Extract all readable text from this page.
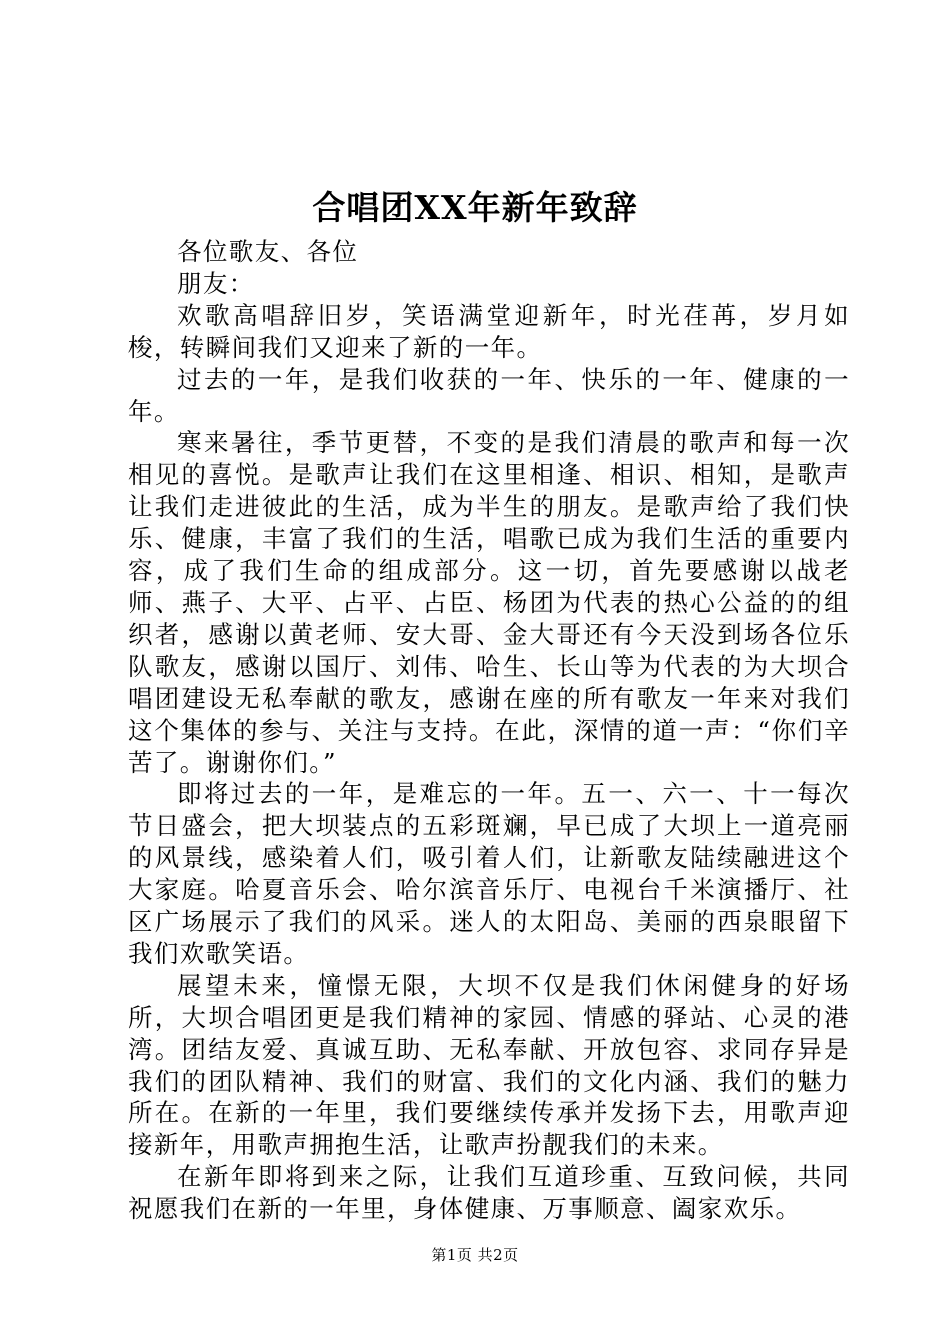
合唱团XX年新年致辞

各位歌友、各位

朋友：

欢歌高唱辞旧岁，笑语满堂迎新年，时光荏苒，岁月如梭，转瞬间我们又迎来了新的一年。

过去的一年，是我们收获的一年、快乐的一年、健康的一年。

寒来暑往，季节更替，不变的是我们清晨的歌声和每一次相见的喜悦。是歌声让我们在这里相逢、相识、相知，是歌声让我们走进彼此的生活，成为半生的朋友。是歌声给了我们快乐、健康，丰富了我们的生活，唱歌已成为我们生活的重要内容，成了我们生命的组成部分。这一切，首先要感谢以战老师、燕子、大平、占平、占臣、杨团为代表的热心公益的的组织者，感谢以黄老师、安大哥、金大哥还有今天没到场各位乐队歌友，感谢以国厅、刘伟、哈生、长山等为代表的为大坝合唱团建设无私奉献的歌友，感谢在座的所有歌友一年来对我们这个集体的参与、关注与支持。在此，深情的道一声：“你们辛苦了。谢谢你们。”

即将过去的一年，是难忘的一年。五一、六一、十一每次节日盛会，把大坝装点的五彩斑斓，早已成了大坝上一道亮丽的风景线，感染着人们，吸引着人们，让新歌友陆续融进这个大家庭。哈夏音乐会、哈尔滨音乐厅、电视台千米演播厅、社区广场展示了我们的风采。迷人的太阳岛、美丽的西泉眼留下我们欢歌笑语。

展望未来，憧憬无限，大坝不仅是我们休闲健身的好场所，大坝合唱团更是我们精神的家园、情感的驿站、心灵的港湾。团结友爱、真诚互助、无私奉献、开放包容、求同存异是我们的团队精神、我们的财富、我们的文化内涵、我们的魅力所在。在新的一年里，我们要继续传承并发扬下去，用歌声迎接新年，用歌声拥抱生活，让歌声扮靓我们的未来。

在新年即将到来之际，让我们互道珍重、互致问候，共同祝愿我们在新的一年里，身体健康、万事顺意、阖家欢乐。

第1页 共2页
